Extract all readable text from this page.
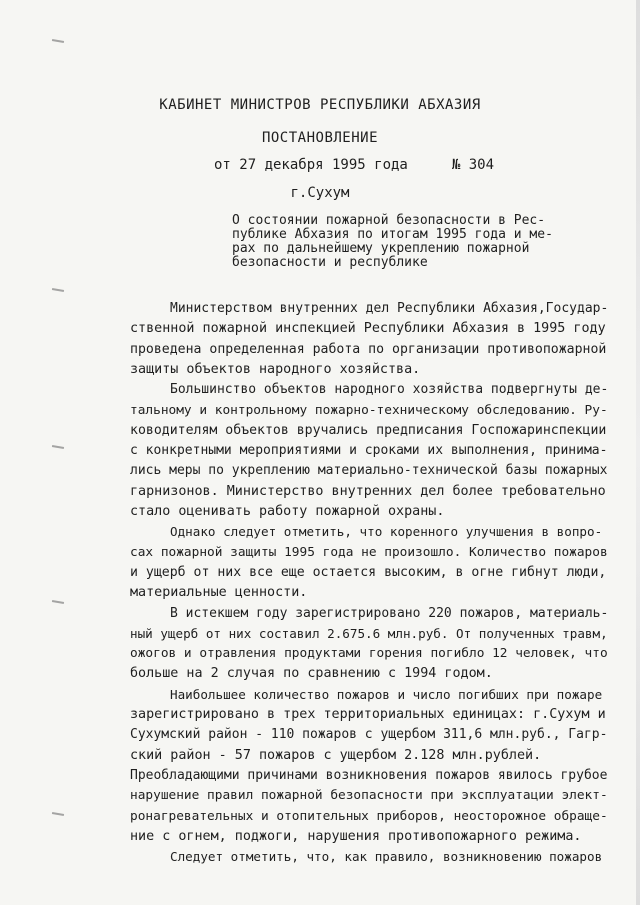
КАБИНЕТ МИНИСТРОВ РЕСПУБЛИКИ АБХАЗИЯ
ПОСТАНОВЛЕНИЕ
от 27 декабря 1995 года	№ 304
г.Сухум
О состоянии пожарной безопасности в Рес-
публике Абхазия по итогам 1995 года и ме-
рах по дальнейшему укреплению пожарной
безопасности и республике
Министерством внутренних дел Республики Абхазия,Государ-
ственной пожарной инспекцией Республики Абхазия в 1995 году
проведена определенная работа по организации противопожарной
защиты объектов народного хозяйства.
Большинство объектов народного хозяйства подвергнуты де-
тальному и контрольному пожарно-техническому обследованию. Ру-
ководителям объектов вручались предписания Госпожаринспекции
с конкретными мероприятиями и сроками их выполнения, принима-
лись меры по укреплению материально-технической базы пожарных
гарнизонов. Министерство внутренних дел более требовательно
стало оценивать работу пожарной охраны.
Однако следует отметить, что коренного улучшения в вопро-
сах пожарной защиты 1995 года не произошло. Количество пожаров
и ущерб от них все еще остается высоким, в огне гибнут люди,
материальные ценности.
В истекшем году зарегистрировано 220 пожаров, материаль-
ный ущерб от них составил 2.675.6 млн.руб. От полученных травм,
ожогов и отравления продуктами горения погибло 12 человек, что
больше на 2 случая по сравнению с 1994 годом.
Наибольшее количество пожаров и число погибших при пожаре
зарегистрировано в трех территориальных единицах: г.Сухум и
Сухумский район - 110 пожаров с ущербом 311,6 млн.руб., Гагр-
ский район - 57 пожаров с ущербом 2.128 млн.рублей.
Преобладающими причинами возникновения пожаров явилось грубое
нарушение правил пожарной безопасности при эксплуатации элект-
ронагревательных и отопительных приборов, неосторожное обраще-
ние с огнем, поджоги, нарушения противопожарного режима.
Следует отметить, что, как правило, возникновению пожаров
